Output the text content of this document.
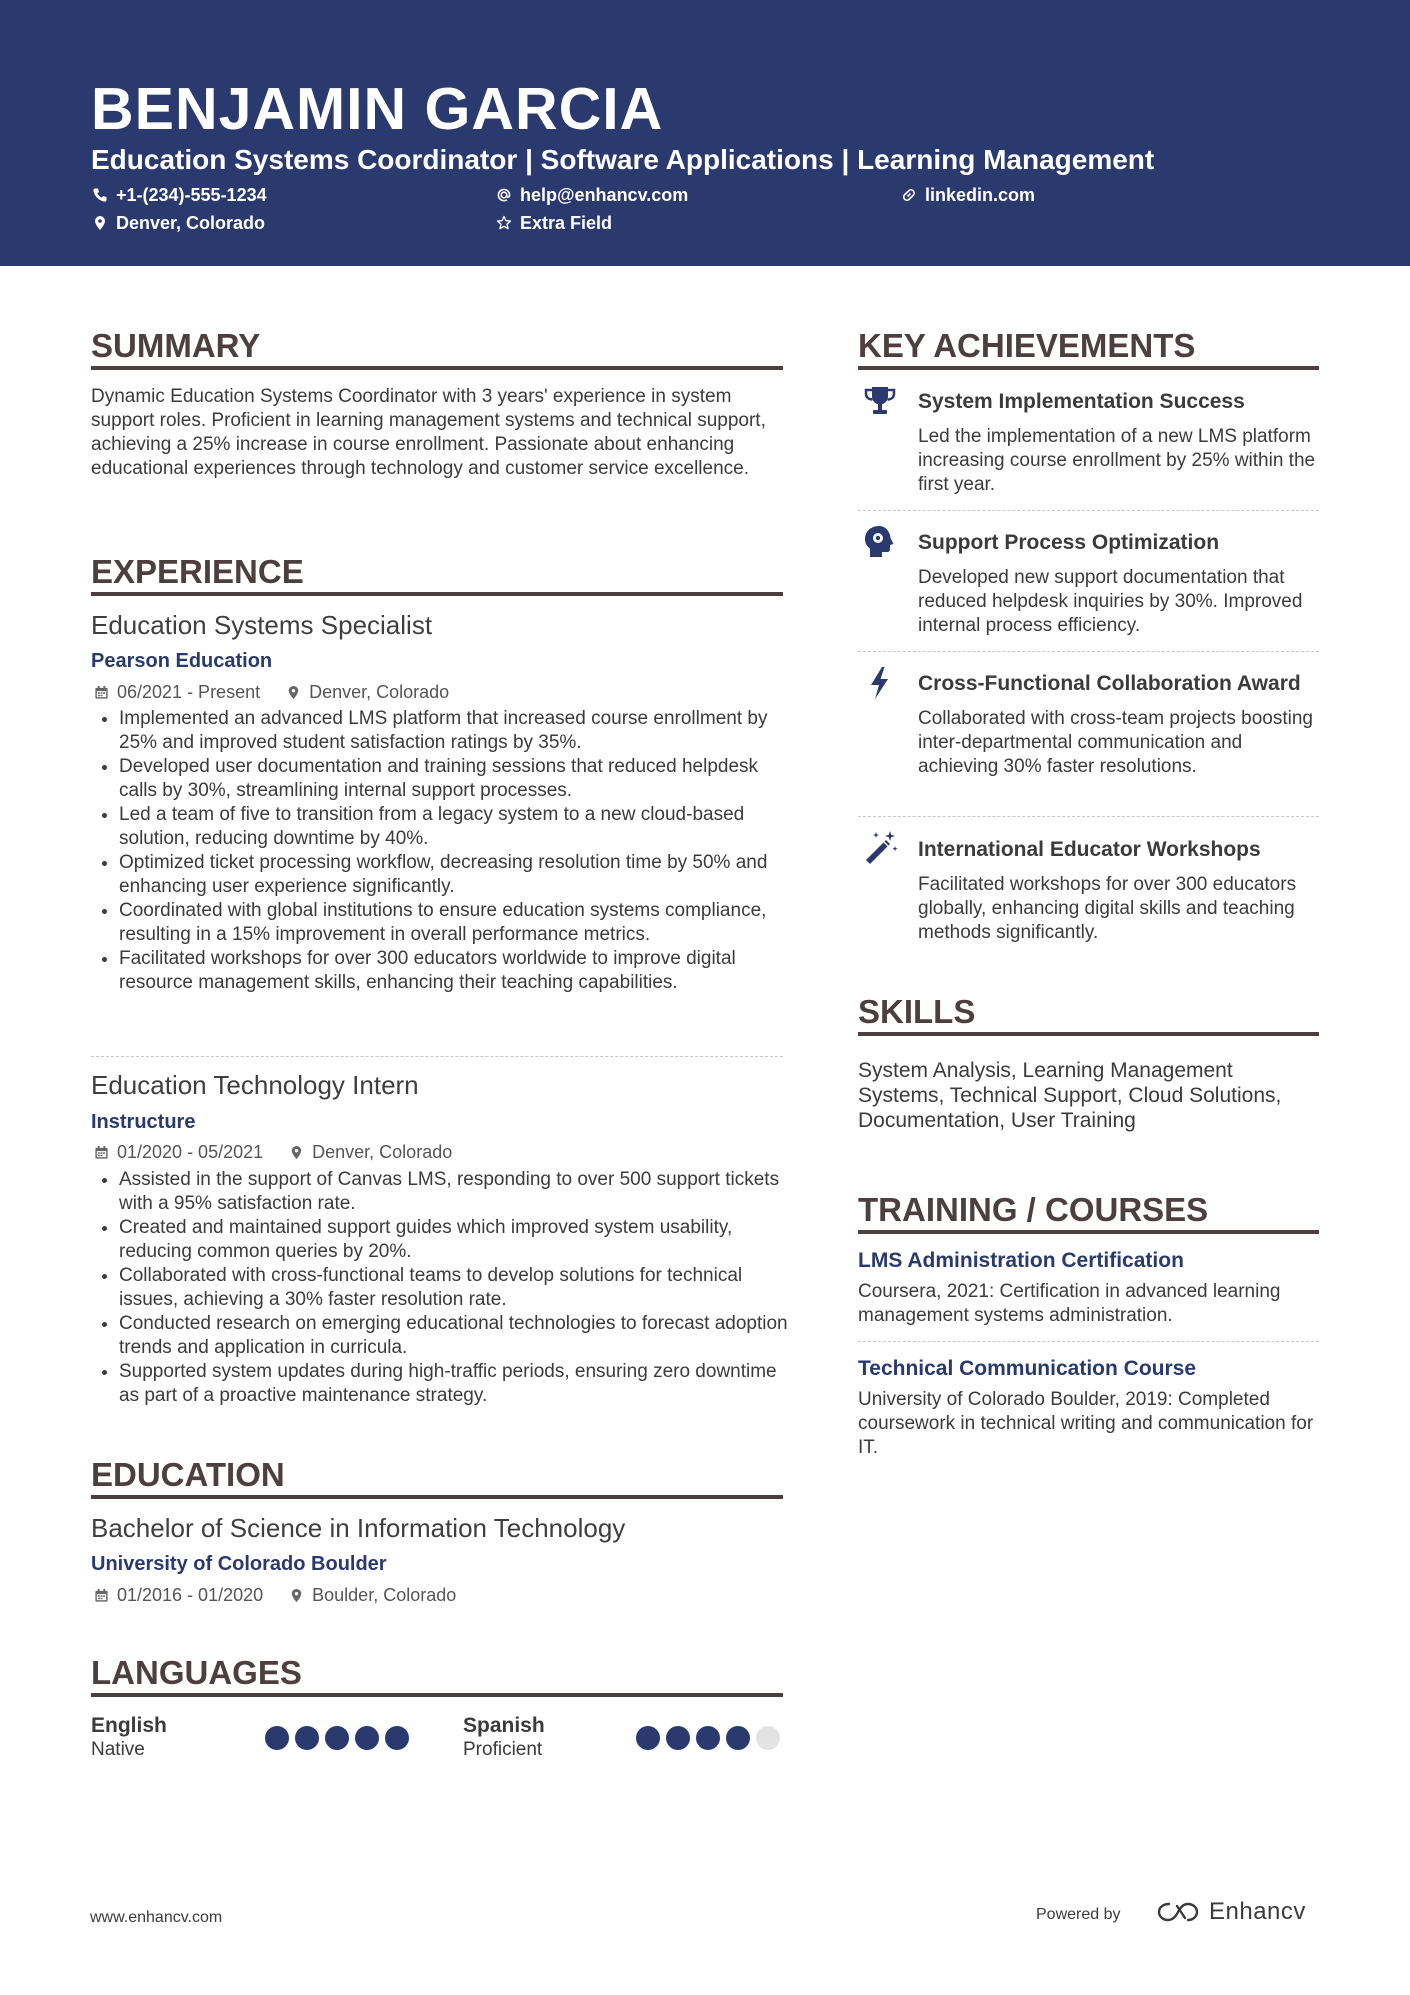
BENJAMIN GARCIA
Education Systems Coordinator | Software Applications | Learning Management
+1-(234)-555-1234	help@enhancv.com	linkedin.com
Denver, Colorado	Extra Field
SUMMARY

Dynamic Education Systems Coordinator with 3 years' experience in system support roles. Proficient in learning management systems and technical support, achieving a 25% increase in course enrollment. Passionate about enhancing educational experiences through technology and customer service excellence.

EXPERIENCE
Education Systems Specialist
Pearson Education
06/2021 - Present	Denver, Colorado
• Implemented an advanced LMS platform that increased course enrollment by 25% and improved student satisfaction ratings by 35%.
• Developed user documentation and training sessions that reduced helpdesk calls by 30%, streamlining internal support processes.
• Led a team of five to transition from a legacy system to a new cloud-based solution, reducing downtime by 40%.
• Optimized ticket processing workflow, decreasing resolution time by 50% and enhancing user experience significantly.
• Coordinated with global institutions to ensure education systems compliance, resulting in a 15% improvement in overall performance metrics.
• Facilitated workshops for over 300 educators worldwide to improve digital resource management skills, enhancing their teaching capabilities.
Education Technology Intern
Instructure
01/2020 - 05/2021	Denver, Colorado
• Assisted in the support of Canvas LMS, responding to over 500 support tickets with a 95% satisfaction rate.
• Created and maintained support guides which improved system usability, reducing common queries by 20%.
• Collaborated with cross-functional teams to develop solutions for technical issues, achieving a 30% faster resolution rate.
• Conducted research on emerging educational technologies to forecast adoption trends and application in curricula.
• Supported system updates during high-traffic periods, ensuring zero downtime as part of a proactive maintenance strategy.
EDUCATION
Bachelor of Science in Information Technology
University of Colorado Boulder
01/2016 - 01/2020	Boulder, Colorado
LANGUAGES
English
Native
Spanish
Proficient
KEY ACHIEVEMENTS
System Implementation Success

Led the implementation of a new LMS platform increasing course enrollment by 25% within the first year.

Support Process Optimization

Developed new support documentation that reduced helpdesk inquiries by 30%. Improved internal process efficiency.

Cross-Functional Collaboration Award

Collaborated with cross-team projects boosting inter-departmental communication and achieving 30% faster resolutions.

International Educator Workshops

Facilitated workshops for over 300 educators globally, enhancing digital skills and teaching methods significantly.

SKILLS

System Analysis, Learning Management Systems, Technical Support, Cloud Solutions, Documentation, User Training

TRAINING / COURSES
LMS Administration Certification

Coursera, 2021: Certification in advanced learning management systems administration.

Technical Communication Course

University of Colorado Boulder, 2019: Completed coursework in technical writing and communication for IT.

www.enhancv.com	Powered by	Enhancv
